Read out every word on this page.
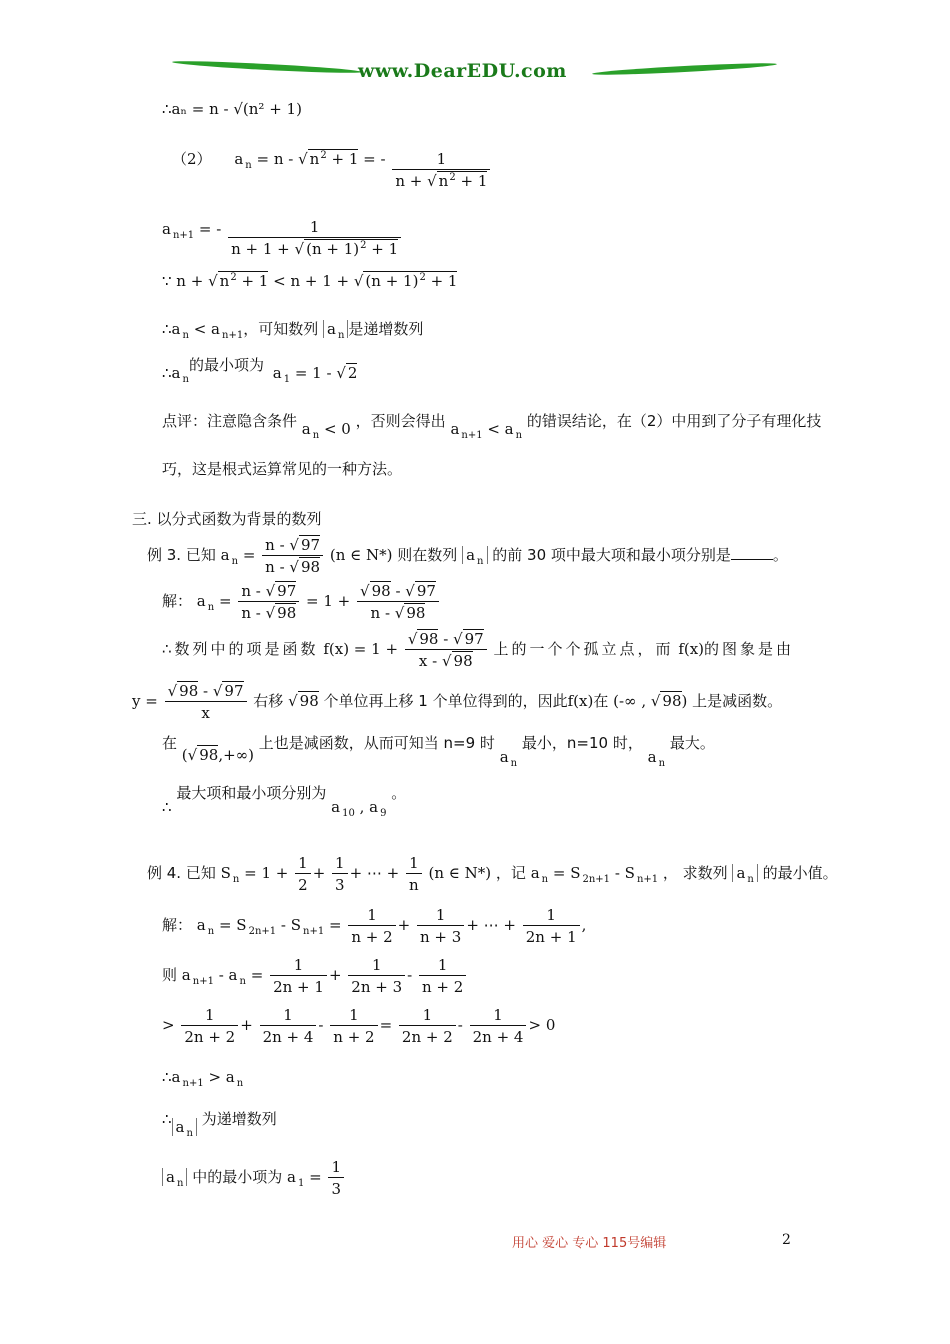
www.DearEDU.com
∴aₙ = n - √(n² + 1)
（2） a $_n$ = n - √ $n^2 + 1$ = - $\frac{1}{n + √ n^2 + 1}$
a $_{n+1}$ = - $\frac{1}{n + 1 + √ (n + 1)^2 + 1}$
∵ n + √ $n^2 + 1 < n + 1$ + √ $(n + 1)^2 + 1$
∴a $_n$ < a $_{n+1}$，可知数列 a $_n$ 是递增数列
∴a $_n$的最小项为 a $_1$ = 1 - √ 2
点评：注意隐含条件 a $_n$ < 0 ，否则会得出 a $_{n+1}$ < a $_n$ 的错误结论，在（2）中用到了分子有理化技
巧，这是根式运算常见的一种方法。
三. 以分式函数为背景的数列
例 3. 已知 a $_n = \frac{n - √ 97}{n - √ 98} (n$ ∈ N*) 则在数列 a $_n$ 的前 30 项中最大项和最小项分别是	。
解： a $_n = \frac{n - √ 97}{n - √ 98} = 1 + \frac{√ 98 - √ 97}{n - √ 98}$
∴数列中的项是函数 $f(x) = 1 + \frac{√ 98 - √ 97}{x - √ 98}$ 上的一个个孤立点，而 f(x)的图象是由
$y = \frac{√ 98 - √ 97}{x}$ 右移 √ 98 个单位再上移 1 个单位得到的，因此f(x)在 (-∞ , √ 98) 上是减函数。
在 (√ 98,+∞) 上也是减函数，从而可知当 n=9 时 a $_n$ 最小，n=10 时， a $_n$ 最大。
∴ 最大项和最小项分别为 a $_{10}$ , a $_9$ 。
例 4. 已知 S $_n = 1 + \frac{1}{2} + \frac{1}{3}$ + ⋯ + $\frac{1}{n} (n$ ∈ N*) ，记 a $_n$ = S $_{2n+1}$ - S $_{n+1}$ ， 求数列 a $_n$ 的最小值。
解： a $_n$ = S $_{2n+1}$ - S $_{n+1} = \frac{1}{n + 2} + \frac{1}{n + 3}$ + ⋯ + $\frac{1}{2n + 1}$ ,
则 a $_{n+1}$ - a $_n = \frac{1}{2n + 1} + \frac{1}{2n + 3} - \frac{1}{n + 2}$
> $\frac{1}{2n + 2} + \frac{1}{2n + 4} - \frac{1}{n + 2} = \frac{1}{2n + 2} - \frac{1}{2n + 4} > 0$
∴a $_{n+1}$ > a $_n$
∴ a $_n$ 为递增数列
a $_n$ 中的最小项为 a $_1 = \frac{1}{3}$
用心 爱心 专心 115号编辑	2
